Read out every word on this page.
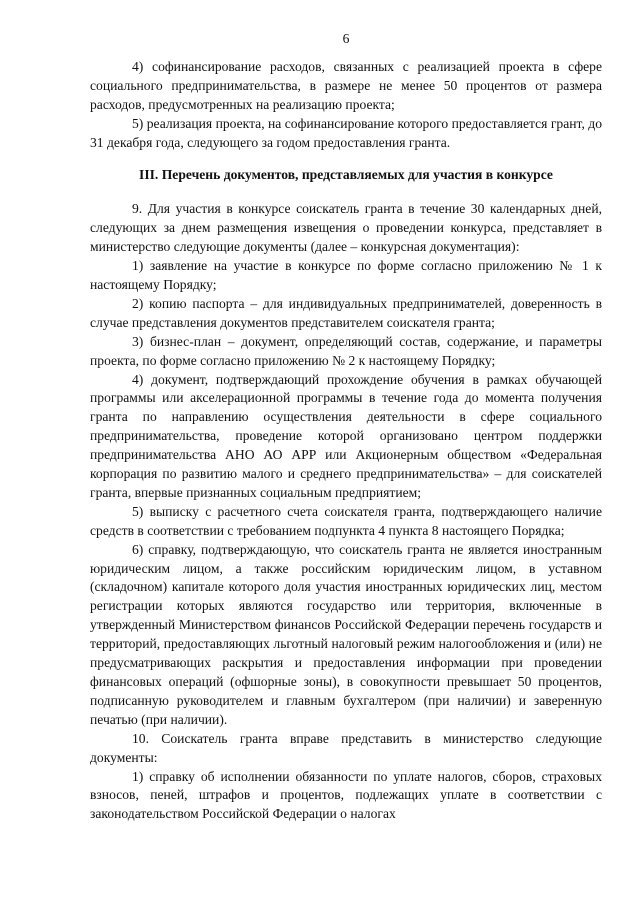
6

4) софинансирование расходов, связанных с реализацией проекта в сфере социального предпринимательства, в размере не менее 50 процентов от размера расходов, предусмотренных на реализацию проекта;

5) реализация проекта, на софинансирование которого предоставляется грант, до 31 декабря года, следующего за годом предоставления гранта.

III. Перечень документов, представляемых для участия в конкурсе

9. Для участия в конкурсе соискатель гранта в течение 30 календарных дней, следующих за днем размещения извещения о проведении конкурса, представляет в министерство следующие документы (далее – конкурсная документация):

1) заявление на участие в конкурсе по форме согласно приложению № 1 к настоящему Порядку;

2) копию паспорта – для индивидуальных предпринимателей, доверенность в случае представления документов представителем соискателя гранта;

3) бизнес-план – документ, определяющий состав, содержание, и параметры проекта, по форме согласно приложению № 2 к настоящему Порядку;

4) документ, подтверждающий прохождение обучения в рамках обучающей программы или акселерационной программы в течение года до момента получения гранта по направлению осуществления деятельности в сфере социального предпринимательства, проведение которой организовано центром поддержки предпринимательства АНО АО АРР или Акционерным обществом «Федеральная корпорация по развитию малого и среднего предпринимательства» – для соискателей гранта, впервые признанных социальным предприятием;

5) выписку с расчетного счета соискателя гранта, подтверждающего наличие средств в соответствии с требованием подпункта 4 пункта 8 настоящего Порядка;

6) справку, подтверждающую, что соискатель гранта не является иностранным юридическим лицом, а также российским юридическим лицом, в уставном (складочном) капитале которого доля участия иностранных юридических лиц, местом регистрации которых являются государство или территория, включенные в утвержденный Министерством финансов Российской Федерации перечень государств и территорий, предоставляющих льготный налоговый режим налогообложения и (или) не предусматривающих раскрытия и предоставления информации при проведении финансовых операций (офшорные зоны), в совокупности превышает 50 процентов, подписанную руководителем и главным бухгалтером (при наличии) и заверенную печатью (при наличии).

10. Соискатель гранта вправе представить в министерство следующие документы:

1) справку об исполнении обязанности по уплате налогов, сборов, страховых взносов, пеней, штрафов и процентов, подлежащих уплате в соответствии с законодательством Российской Федерации о налогах
